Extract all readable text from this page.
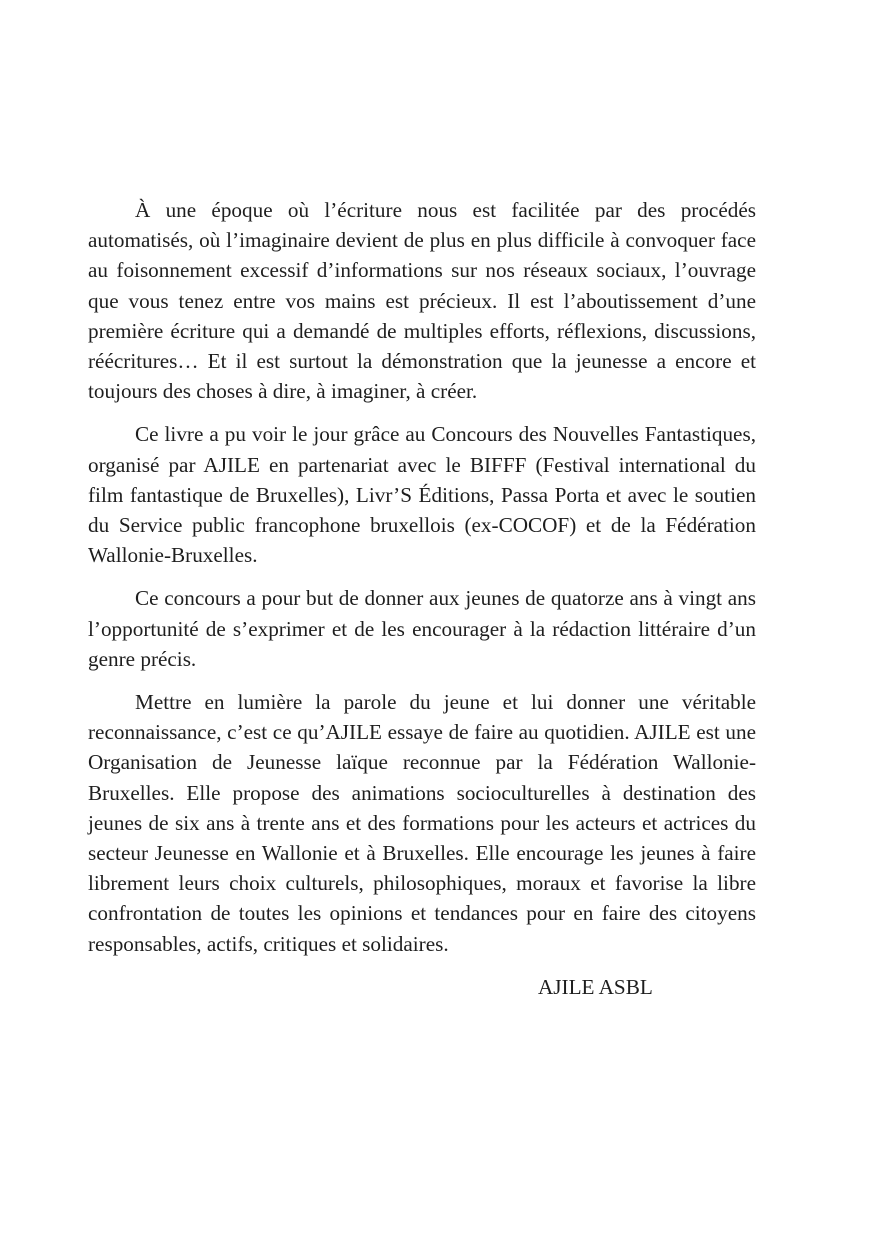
À une époque où l’écriture nous est facilitée par des procédés automatisés, où l’imaginaire devient de plus en plus difficile à convoquer face au foisonnement excessif d’informations sur nos réseaux sociaux, l’ouvrage que vous tenez entre vos mains est précieux. Il est l’aboutissement d’une première écriture qui a demandé de multiples efforts, réflexions, discussions, réécritures… Et il est surtout la démonstration que la jeunesse a encore et toujours des choses à dire, à imaginer, à créer.

Ce livre a pu voir le jour grâce au Concours des Nouvelles Fantastiques, organisé par AJILE en partenariat avec le BIFFF (Festival international du film fantastique de Bruxelles), Livr’S Éditions, Passa Porta et avec le soutien du Service public francophone bruxellois (ex-COCOF) et de la Fédération Wallonie-Bruxelles.

Ce concours a pour but de donner aux jeunes de quatorze ans à vingt ans l’opportunité de s’exprimer et de les encourager à la rédaction littéraire d’un genre précis.

Mettre en lumière la parole du jeune et lui donner une véritable reconnaissance, c’est ce qu’AJILE essaye de faire au quotidien. AJILE est une Organisation de Jeunesse laïque reconnue par la Fédération Wallonie-Bruxelles. Elle propose des animations socioculturelles à destination des jeunes de six ans à trente ans et des formations pour les acteurs et actrices du secteur Jeunesse en Wallonie et à Bruxelles. Elle encourage les jeunes à faire librement leurs choix culturels, philosophiques, moraux et favorise la libre confrontation de toutes les opinions et tendances pour en faire des citoyens responsables, actifs, critiques et solidaires.

AJILE ASBL
